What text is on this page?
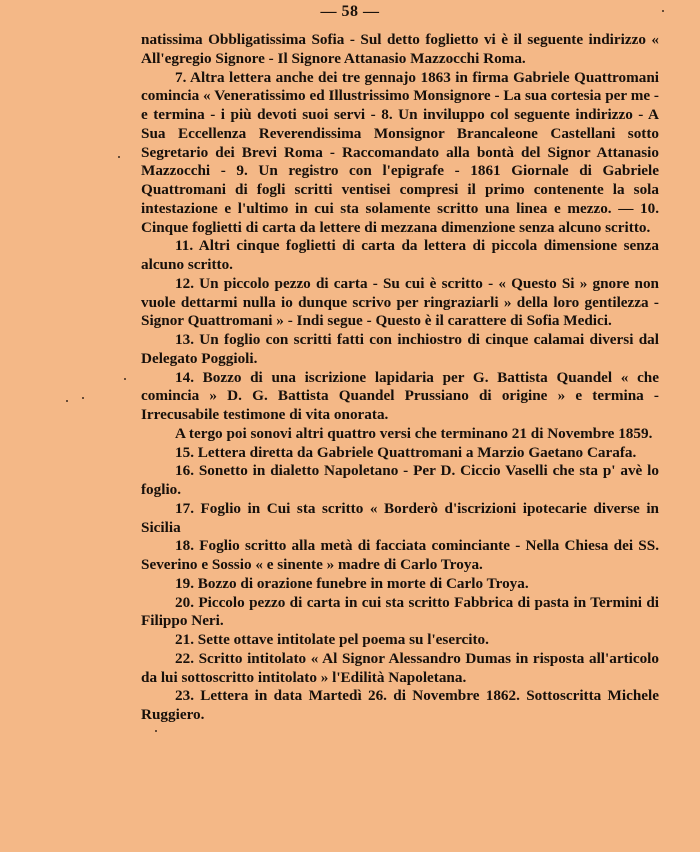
— 58 —

natissima Obbligatissima Sofia - Sul detto foglietto vi è il seguente indirizzo « All'egregio Signore - Il Signore Attanasio Mazzocchi Roma.

7. Altra lettera anche dei tre gennajo 1863 in firma Gabriele Quattromani comincia « Veneratissimo ed Illustrissimo Monsignore - La sua cortesia per me - e termina - i più devoti suoi servi - 8. Un inviluppo col seguente indirizzo - A Sua Eccellenza Reverendissima Monsignor Brancaleone Castellani sotto Segretario dei Brevi Roma - Raccomandato alla bontà del Signor Attanasio Mazzocchi - 9. Un registro con l'epigrafe - 1861 Giornale di Gabriele Quattromani di fogli scritti ventisei compresi il primo contenente la sola intestazione e l'ultimo in cui sta solamente scritto una linea e mezzo. — 10. Cinque foglietti di carta da lettere di mezzana dimenzione senza alcuno scritto.

11. Altri cinque foglietti di carta da lettera di piccola dimensione senza alcuno scritto.

12. Un piccolo pezzo di carta - Su cui è scritto - « Questo Si » gnore non vuole dettarmi nulla io dunque scrivo per ringraziarli » della loro gentilezza - Signor Quattromani » - Indi segue - Questo è il carattere di Sofia Medici.

13. Un foglio con scritti fatti con inchiostro di cinque calamai diversi dal Delegato Poggioli.

14. Bozzo di una iscrizione lapidaria per G. Battista Quandel « che comincia » D. G. Battista Quandel Prussiano di origine » e termina - Irrecusabile testimone di vita onorata.

A tergo poi sonovi altri quattro versi che terminano 21 di Novembre 1859.

15. Lettera diretta da Gabriele Quattromani a Marzio Gaetano Carafa.

16. Sonetto in dialetto Napoletano - Per D. Ciccio Vaselli che sta p' avè lo foglio.

17. Foglio in Cui sta scritto « Borderò d'iscrizioni ipotecarie diverse in Sicilia

18. Foglio scritto alla metà di facciata cominciante - Nella Chiesa dei SS. Severino e Sossio « e sinente » madre di Carlo Troya.

19. Bozzo di orazione funebre in morte di Carlo Troya.

20. Piccolo pezzo di carta in cui sta scritto Fabbrica di pasta in Termini di Filippo Neri.

21. Sette ottave intitolate pel poema su l'esercito.

22. Scritto intitolato « Al Signor Alessandro Dumas in risposta all'articolo da lui sottoscritto intitolato » l'Edilità Napoletana.

23. Lettera in data Martedì 26. di Novembre 1862. Sottoscritta Michele Ruggiero.
